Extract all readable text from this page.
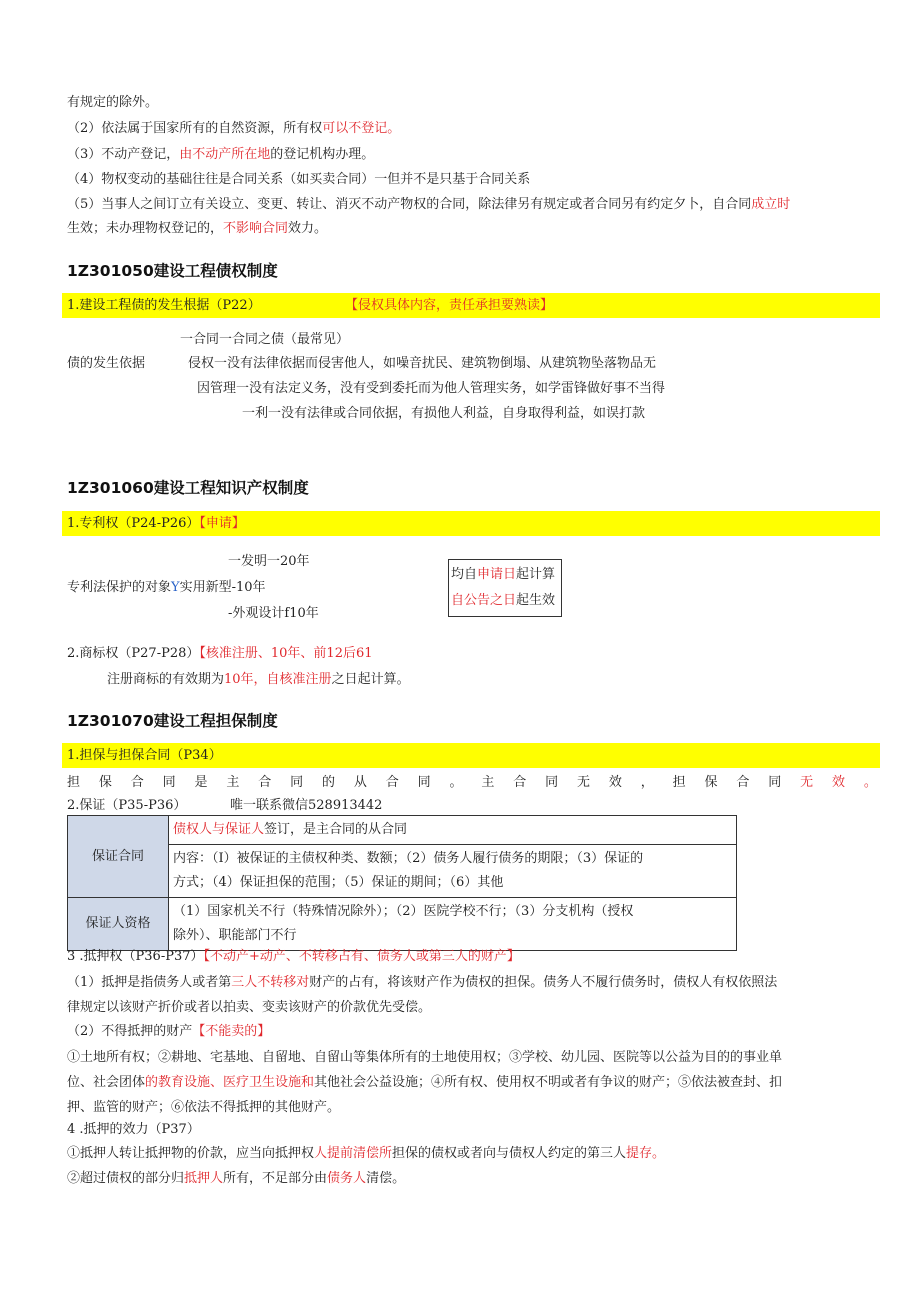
有规定的除外。
（2）依法属于国家所有的自然资源，所有权可以不登记。
（3）不动产登记，由不动产所在地的登记机构办理。
（4）物权变动的基础往往是合同关系（如买卖合同）一但并不是只基于合同关系
（5）当事人之间订立有关设立、变更、转让、消灭不动产物权的合同，除法律另有规定或者合同另有约定夕卜，自合同成立时
生效；未办理物权登记的，不影响合同效力。
1Z301050建设工程债权制度
1.建设工程债的发生根据（P22）	【侵权具体内容，责任承担要熟读】
一合同一合同之债（最常见）
债的发生依据	侵权一没有法律依据而侵害他人，如噪音扰民、建筑物倒塌、从建筑物坠落物品无
因管理一没有法定义务，没有受到委托而为他人管理实务，如学雷锋做好事不当得
一利一没有法律或合同依据，有损他人利益，自身取得利益，如误打款
1Z301060建设工程知识产权制度
1.专利权（P24-P26）【申请】
一发明一20年
专利法保护的对象Y实用新型-10年
-外观设计f10年
均自申请日起计算
自公告之日起生效
2.商标权（P27-P28）【核准注册、10年、前12后61
注册商标的有效期为10年，自核准注册之日起计算。
1Z301070建设工程担保制度
1.担保与担保合同（P34）
担 保 合 同 是 主 合 同 的 从 合 同 。 主 合 同 无 效 ， 担 保 合 同 无 效 。
2.保证（P35-P36）	唯一联系微信528913442
保证合同	债权人与保证人签订，是主合同的从合同

	内容：（I）被保证的主债权种类、数额；（2）债务人履行债务的期限；（3）保证的
方式；（4）保证担保的范围；（5）保证的期间；（6）其他

保证人资格	（1）国家机关不行（特殊情况除外）；（2）医院学校不行；（3）分支机构（授权
除外）、职能部门不行
3 .抵押权（P36-P37）【不动产+动产、不转移占有、债务人或第三人的财产】
（1）抵押是指债务人或者第三人不转移对财产的占有，将该财产作为债权的担保。债务人不履行债务时，债权人有权依照法
律规定以该财产折价或者以拍卖、变卖该财产的价款优先受偿。
（2）不得抵押的财产【不能卖的】
①土地所有权；②耕地、宅基地、自留地、自留山等集体所有的土地使用权；③学校、幼儿园、医院等以公益为目的的事业单
位、社会团体的教育设施、医疗卫生设施和其他社会公益设施；④所有权、使用权不明或者有争议的财产；⑤依法被查封、扣
押、监管的财产；⑥依法不得抵押的其他财产。
4 .抵押的效力（P37）
①抵押人转让抵押物的价款，应当向抵押权人提前清偿所担保的债权或者向与债权人约定的第三人提存。
②超过债权的部分归抵押人所有，不足部分由债务人清偿。
